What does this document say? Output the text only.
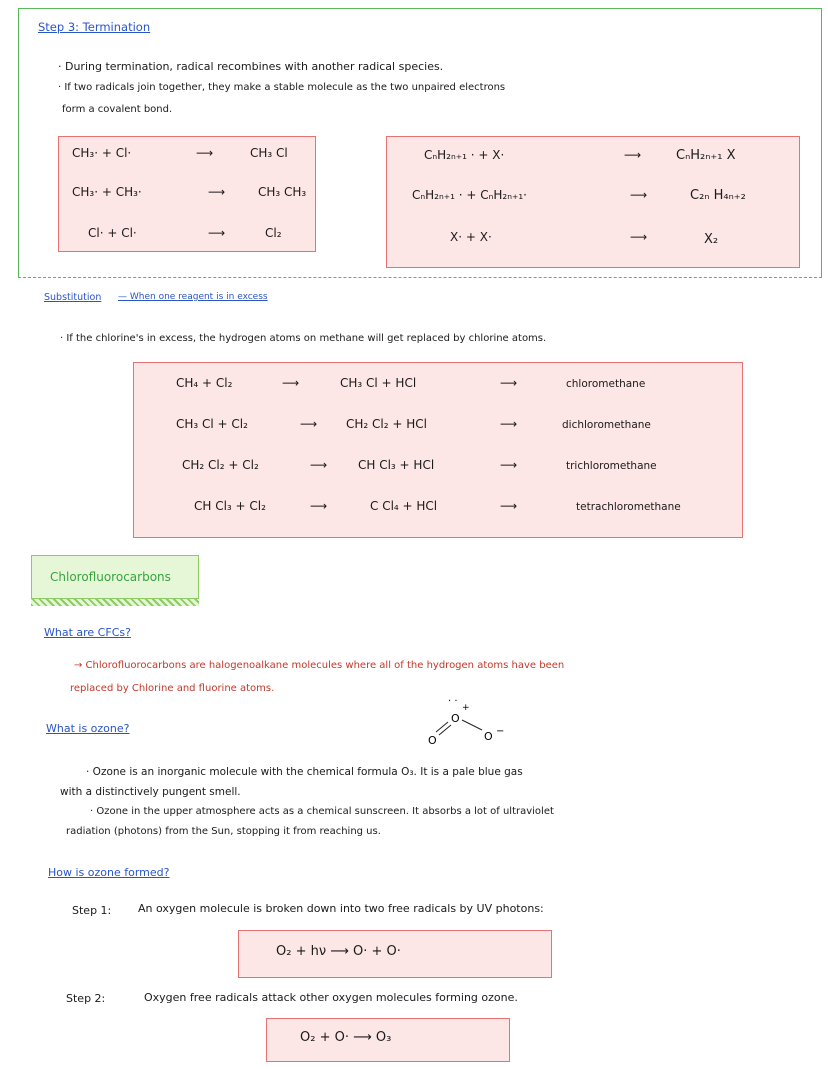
Step 3: Termination
· During termination, radical recombines with another radical species.
· If two radicals join together, they make a stable molecule as the two unpaired electrons
form a covalent bond.
CH₃· + Cl·	⟶	CH₃ Cl
CH₃· + CH₃·	⟶	CH₃ CH₃
Cl· + Cl·	⟶	Cl₂
CₙH₂ₙ₊₁ · + X·	⟶	CₙH₂ₙ₊₁ X
CₙH₂ₙ₊₁ · + CₙH₂ₙ₊₁·	⟶	C₂ₙ H₄ₙ₊₂
X· + X·	⟶	X₂
Substitution — When one reagent is in excess
· If the chlorine's in excess, the hydrogen atoms on methane will get replaced by chlorine atoms.
CH₄ + Cl₂	⟶	CH₃ Cl + HCl	⟶	chloromethane
CH₃ Cl + Cl₂	⟶ CH₂ Cl₂ + HCl	⟶	dichloromethane
CH₂ Cl₂ + Cl₂	⟶	CH Cl₃ + HCl	⟶	trichloromethane
CH Cl₃ + Cl₂	⟶	C Cl₄ + HCl	⟶	tetrachloromethane
Chlorofluorocarbons
What are CFCs?
→ Chlorofluorocarbons are halogenoalkane molecules where all of the hydrogen atoms have been
replaced by Chlorine and fluorine atoms.
What is ozone?
O
O
O
· ·
+
−
· Ozone is an inorganic molecule with the chemical formula O₃. It is a pale blue gas
with a distinctively pungent smell.
· Ozone in the upper atmosphere acts as a chemical sunscreen. It absorbs a lot of ultraviolet
radiation (photons) from the Sun, stopping it from reaching us.
How is ozone formed?
Step 1: An oxygen molecule is broken down into two free radicals by UV photons:
O₂ + hν ⟶ O· + O·
Step 2:	Oxygen free radicals attack other oxygen molecules forming ozone.
O₂ + O· ⟶ O₃
